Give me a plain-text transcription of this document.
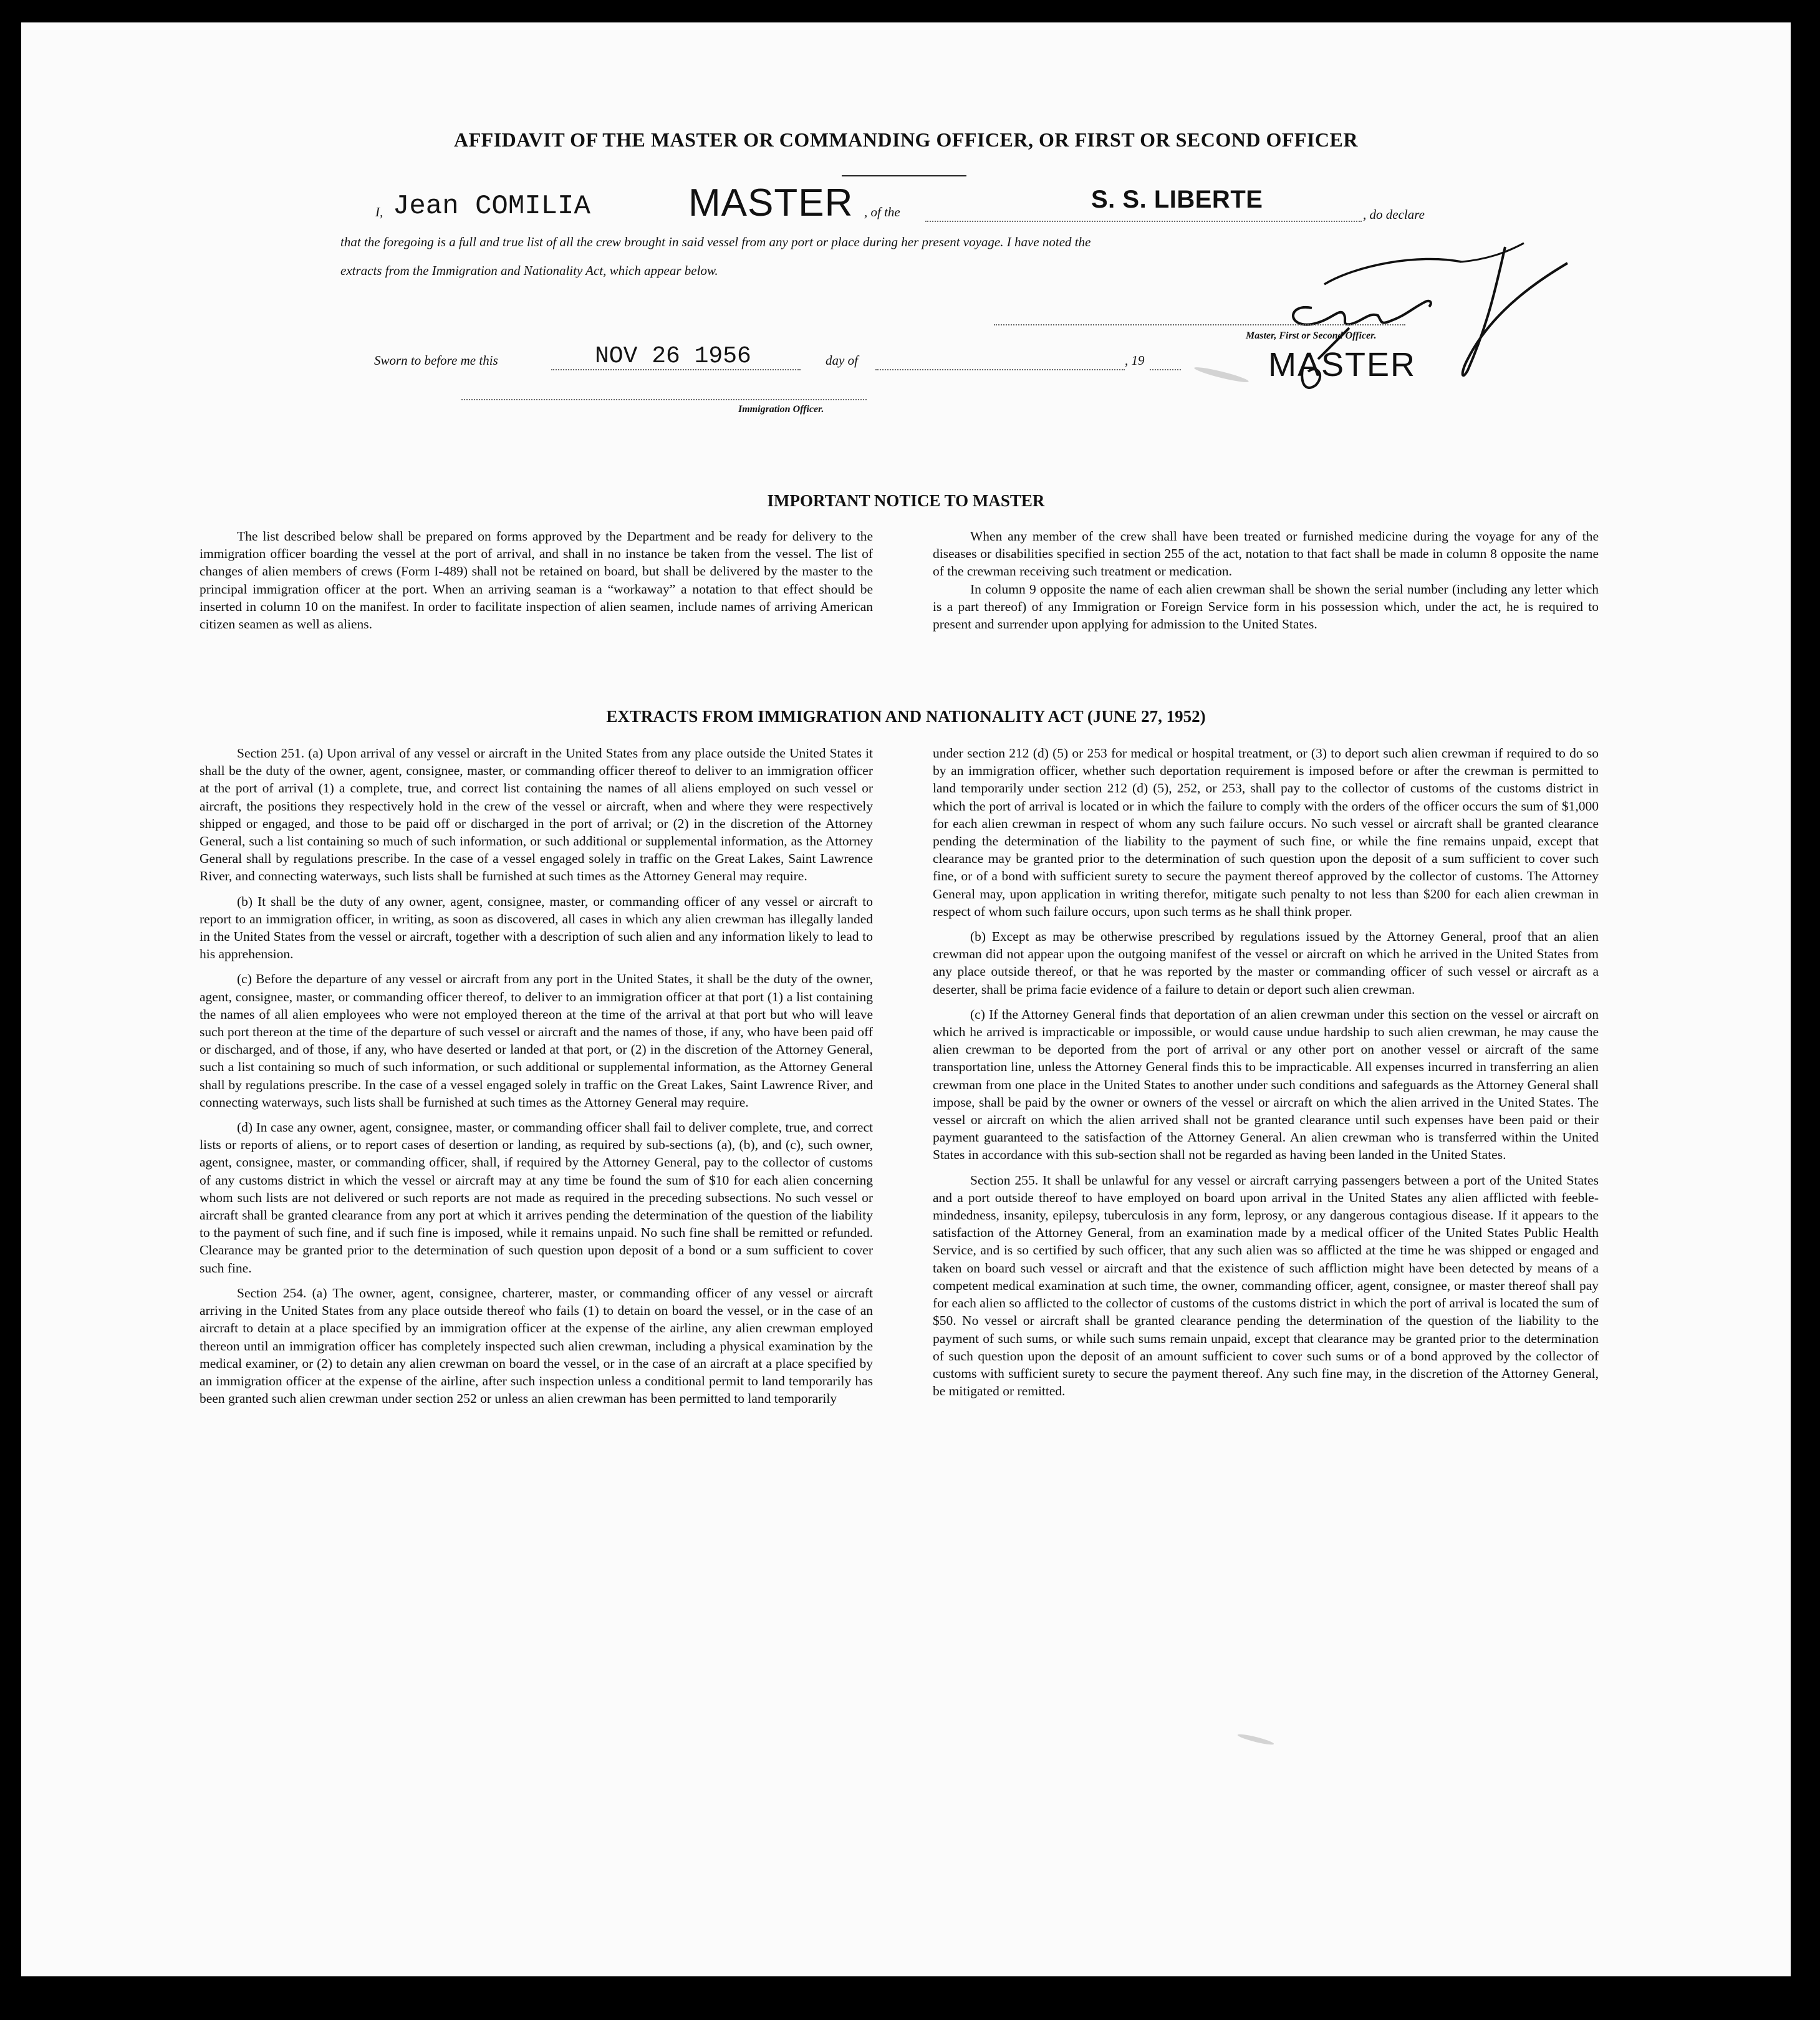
AFFIDAVIT OF THE MASTER OR COMMANDING OFFICER, OR FIRST OR SECOND OFFICER
I, Jean COMILIA	MASTER , of the	S. S. LIBERTE
, do declare
that the foregoing is a full and true list of all the crew brought in said vessel from any port or place during her present voyage. I have noted the
extracts from the Immigration and Nationality Act, which appear below.
Master, First or Second Officer.
MASTER
Sworn to before me this	NOV 26 1956	day of	, 19
Immigration Officer.
IMPORTANT NOTICE TO MASTER

The list described below shall be prepared on forms approved by the Department and be ready for delivery to the immigration officer boarding the vessel at the port of arrival, and shall in no instance be taken from the vessel. The list of changes of alien members of crews (Form I-489) shall not be retained on board, but shall be delivered by the master to the principal immigration officer at the port. When an arriving seaman is a “workaway” a notation to that effect should be inserted in column 10 on the manifest. In order to facilitate inspection of alien seamen, include names of arriving American citizen seamen as well as aliens.

When any member of the crew shall have been treated or furnished medicine during the voyage for any of the diseases or disabilities specified in section 255 of the act, notation to that fact shall be made in column 8 opposite the name of the crewman receiving such treatment or medication.

In column 9 opposite the name of each alien crewman shall be shown the serial number (including any letter which is a part thereof) of any Immigration or Foreign Service form in his possession which, under the act, he is required to present and surrender upon applying for admission to the United States.

EXTRACTS FROM IMMIGRATION AND NATIONALITY ACT (JUNE 27, 1952)

Section 251. (a) Upon arrival of any vessel or aircraft in the United States from any place outside the United States it shall be the duty of the owner, agent, consignee, master, or commanding officer thereof to deliver to an immigration officer at the port of arrival (1) a complete, true, and correct list containing the names of all aliens employed on such vessel or aircraft, the positions they respectively hold in the crew of the vessel or aircraft, when and where they were respectively shipped or engaged, and those to be paid off or discharged in the port of arrival; or (2) in the discretion of the Attorney General, such a list containing so much of such information, or such additional or supplemental information, as the Attorney General shall by regulations prescribe. In the case of a vessel engaged solely in traffic on the Great Lakes, Saint Lawrence River, and connecting waterways, such lists shall be furnished at such times as the Attorney General may require.

(b) It shall be the duty of any owner, agent, consignee, master, or commanding officer of any vessel or aircraft to report to an immigration officer, in writing, as soon as discovered, all cases in which any alien crewman has illegally landed in the United States from the vessel or aircraft, together with a description of such alien and any information likely to lead to his apprehension.

(c) Before the departure of any vessel or aircraft from any port in the United States, it shall be the duty of the owner, agent, consignee, master, or commanding officer thereof, to deliver to an immigration officer at that port (1) a list containing the names of all alien employees who were not employed thereon at the time of the arrival at that port but who will leave such port thereon at the time of the departure of such vessel or aircraft and the names of those, if any, who have been paid off or discharged, and of those, if any, who have deserted or landed at that port, or (2) in the discretion of the Attorney General, such a list containing so much of such information, or such additional or supplemental information, as the Attorney General shall by regulations prescribe. In the case of a vessel engaged solely in traffic on the Great Lakes, Saint Lawrence River, and connecting waterways, such lists shall be furnished at such times as the Attorney General may require.

(d) In case any owner, agent, consignee, master, or commanding officer shall fail to deliver complete, true, and correct lists or reports of aliens, or to report cases of desertion or landing, as required by sub-sections (a), (b), and (c), such owner, agent, consignee, master, or commanding officer, shall, if required by the Attorney General, pay to the collector of customs of any customs district in which the vessel or aircraft may at any time be found the sum of $10 for each alien concerning whom such lists are not delivered or such reports are not made as required in the preceding subsections. No such vessel or aircraft shall be granted clearance from any port at which it arrives pending the determination of the question of the liability to the payment of such fine, and if such fine is imposed, while it remains unpaid. No such fine shall be remitted or refunded. Clearance may be granted prior to the determination of such question upon deposit of a bond or a sum sufficient to cover such fine.

Section 254. (a) The owner, agent, consignee, charterer, master, or commanding officer of any vessel or aircraft arriving in the United States from any place outside thereof who fails (1) to detain on board the vessel, or in the case of an aircraft to detain at a place specified by an immigration officer at the expense of the airline, any alien crewman employed thereon until an immigration officer has completely inspected such alien crewman, including a physical examination by the medical examiner, or (2) to detain any alien crewman on board the vessel, or in the case of an aircraft at a place specified by an immigration officer at the expense of the airline, after such inspection unless a conditional permit to land temporarily has been granted such alien crewman under section 252 or unless an alien crewman has been permitted to land temporarily

under section 212 (d) (5) or 253 for medical or hospital treatment, or (3) to deport such alien crewman if required to do so by an immigration officer, whether such deportation requirement is imposed before or after the crewman is permitted to land temporarily under section 212 (d) (5), 252, or 253, shall pay to the collector of customs of the customs district in which the port of arrival is located or in which the failure to comply with the orders of the officer occurs the sum of $1,000 for each alien crewman in respect of whom any such failure occurs. No such vessel or aircraft shall be granted clearance pending the determination of the liability to the payment of such fine, or while the fine remains unpaid, except that clearance may be granted prior to the determination of such question upon the deposit of a sum sufficient to cover such fine, or of a bond with sufficient surety to secure the payment thereof approved by the collector of customs. The Attorney General may, upon application in writing therefor, mitigate such penalty to not less than $200 for each alien crewman in respect of whom such failure occurs, upon such terms as he shall think proper.

(b) Except as may be otherwise prescribed by regulations issued by the Attorney General, proof that an alien crewman did not appear upon the outgoing manifest of the vessel or aircraft on which he arrived in the United States from any place outside thereof, or that he was reported by the master or commanding officer of such vessel or aircraft as a deserter, shall be prima facie evidence of a failure to detain or deport such alien crewman.

(c) If the Attorney General finds that deportation of an alien crewman under this section on the vessel or aircraft on which he arrived is impracticable or impossible, or would cause undue hardship to such alien crewman, he may cause the alien crewman to be deported from the port of arrival or any other port on another vessel or aircraft of the same transportation line, unless the Attorney General finds this to be impracticable. All expenses incurred in transferring an alien crewman from one place in the United States to another under such conditions and safeguards as the Attorney General shall impose, shall be paid by the owner or owners of the vessel or aircraft on which the alien arrived in the United States. The vessel or aircraft on which the alien arrived shall not be granted clearance until such expenses have been paid or their payment guaranteed to the satisfaction of the Attorney General. An alien crewman who is transferred within the United States in accordance with this sub-section shall not be regarded as having been landed in the United States.

Section 255. It shall be unlawful for any vessel or aircraft carrying passengers between a port of the United States and a port outside thereof to have employed on board upon arrival in the United States any alien afflicted with feeble-mindedness, insanity, epilepsy, tuberculosis in any form, leprosy, or any dangerous contagious disease. If it appears to the satisfaction of the Attorney General, from an examination made by a medical officer of the United States Public Health Service, and is so certified by such officer, that any such alien was so afflicted at the time he was shipped or engaged and taken on board such vessel or aircraft and that the existence of such affliction might have been detected by means of a competent medical examination at such time, the owner, commanding officer, agent, consignee, or master thereof shall pay for each alien so afflicted to the collector of customs of the customs district in which the port of arrival is located the sum of $50. No vessel or aircraft shall be granted clearance pending the determination of the question of the liability to the payment of such sums, or while such sums remain unpaid, except that clearance may be granted prior to the determination of such question upon the deposit of an amount sufficient to cover such sums or of a bond approved by the collector of customs with sufficient surety to secure the payment thereof. Any such fine may, in the discretion of the Attorney General, be mitigated or remitted.
